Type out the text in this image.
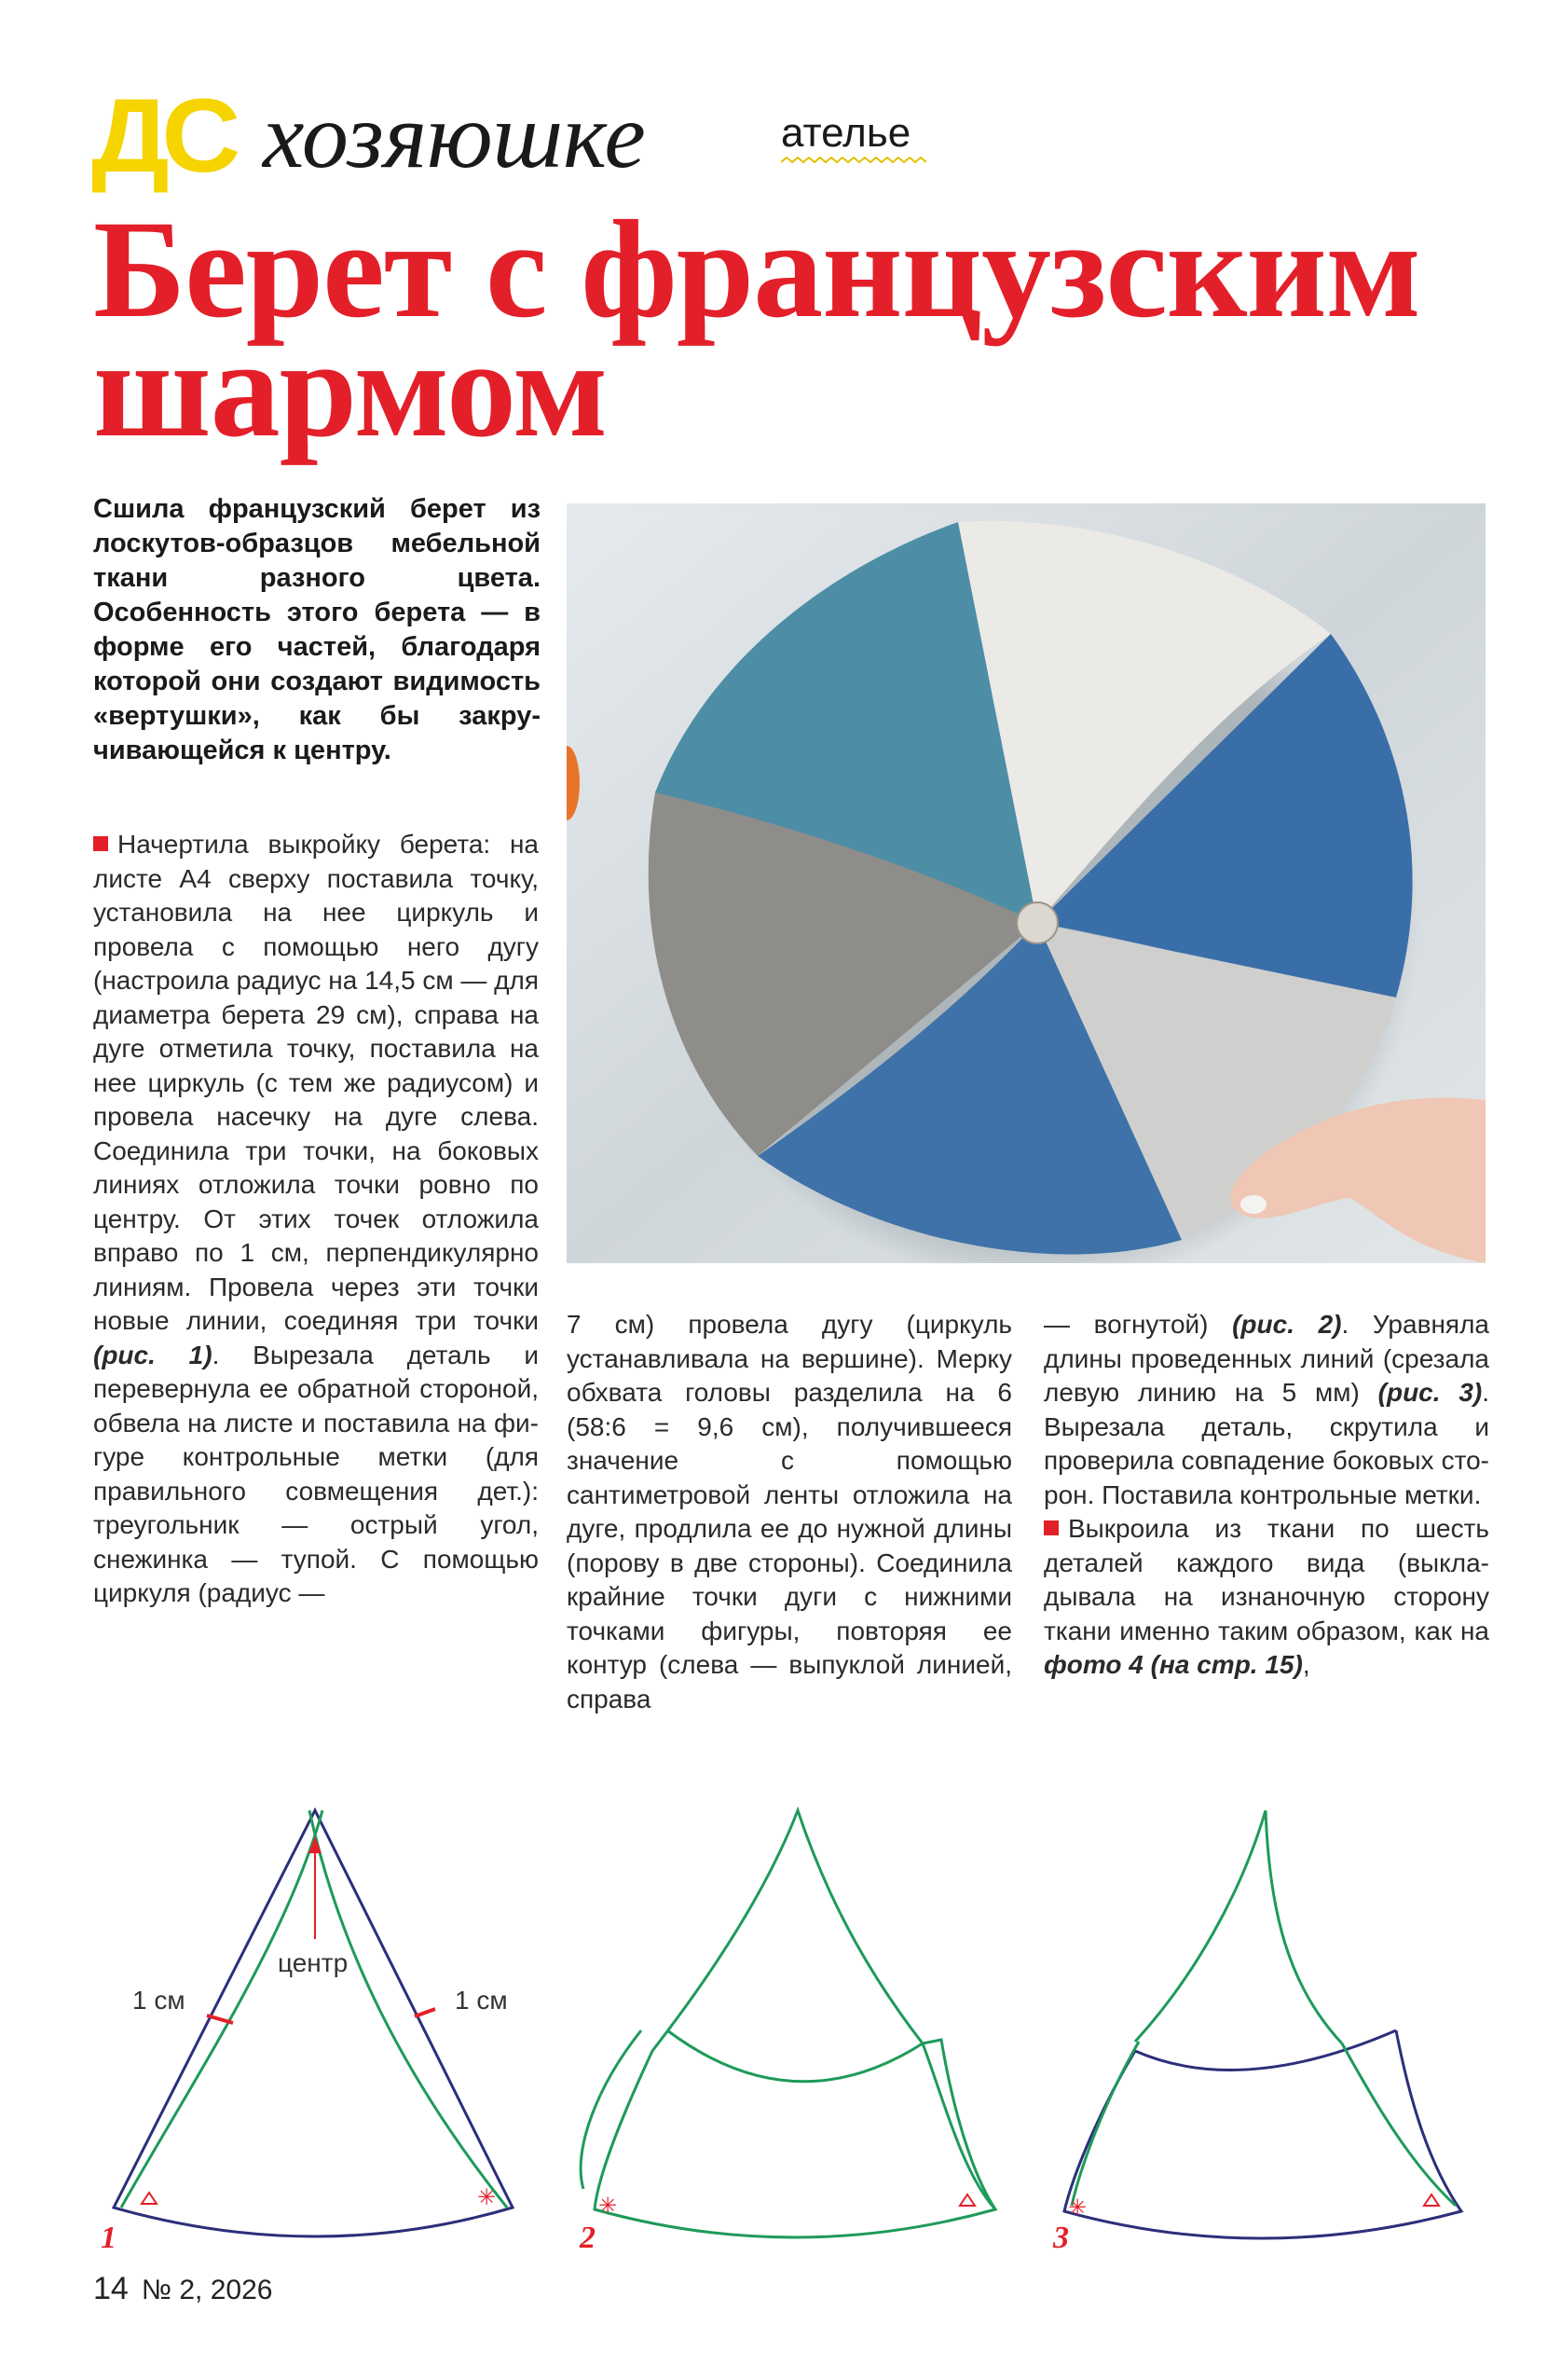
ДС хозяюшке	ателье
Берет с французским шармом

Сшила французский берет из лоскутов-образцов мебельной ткани разного цвета. Особенность этого берета — в форме его частей, благодаря которой они создают видимость «вертушки», как бы закручивающейся к центру.

Начертила выкройку берета: на листе А4 сверху поставила точку, установила на нее циркуль и провела с помощью него дугу (настроила радиус на 14,5 см — для диаметра берета 29 см), справа на дуге отметила точку, поставила на нее циркуль (с тем же радиусом) и провела насечку на дуге слева. Соединила три точки, на боковых линиях отложила точки ровно по центру. От этих точек отложила вправо по 1 см, перпендикулярно линиям. Провела через эти точки новые линии, соединяя три точки (рис. 1). Вырезала деталь и перевернула ее обратной стороной, обвела на листе и поставила на фигуре контрольные метки (для правильного совмещения дет.): треугольник — острый угол, снежинка — тупой. С помощью циркуля (радиус —
7 см) провела дугу (циркуль устанавливала на вершине). Мерку обхвата головы разделила на 6 (58:6 = 9,6 см), получившееся значение с помощью сантиметровой ленты отложила на дуге, продлила ее до нужной длины (порову в две стороны). Соединила крайние точки дуги с нижними точками фигуры, повторяя ее контур (слева — выпуклой линией, справа
— вогнутой) (рис. 2). Уравняла длины проведенных линий (срезала левую линию на 5 мм) (рис. 3). Вырезала деталь, скрутила и проверила совпадение боковых сторон. Поставила контрольные метки.
Выкроила из ткани по шесть деталей каждого вида (выкладывала на изнаночную сторону ткани именно таким образом, как на фото 4 (на стр. 15),
✳
центр
1 см	1 см
1
✳
2
✳
3
14 № 2, 2026
